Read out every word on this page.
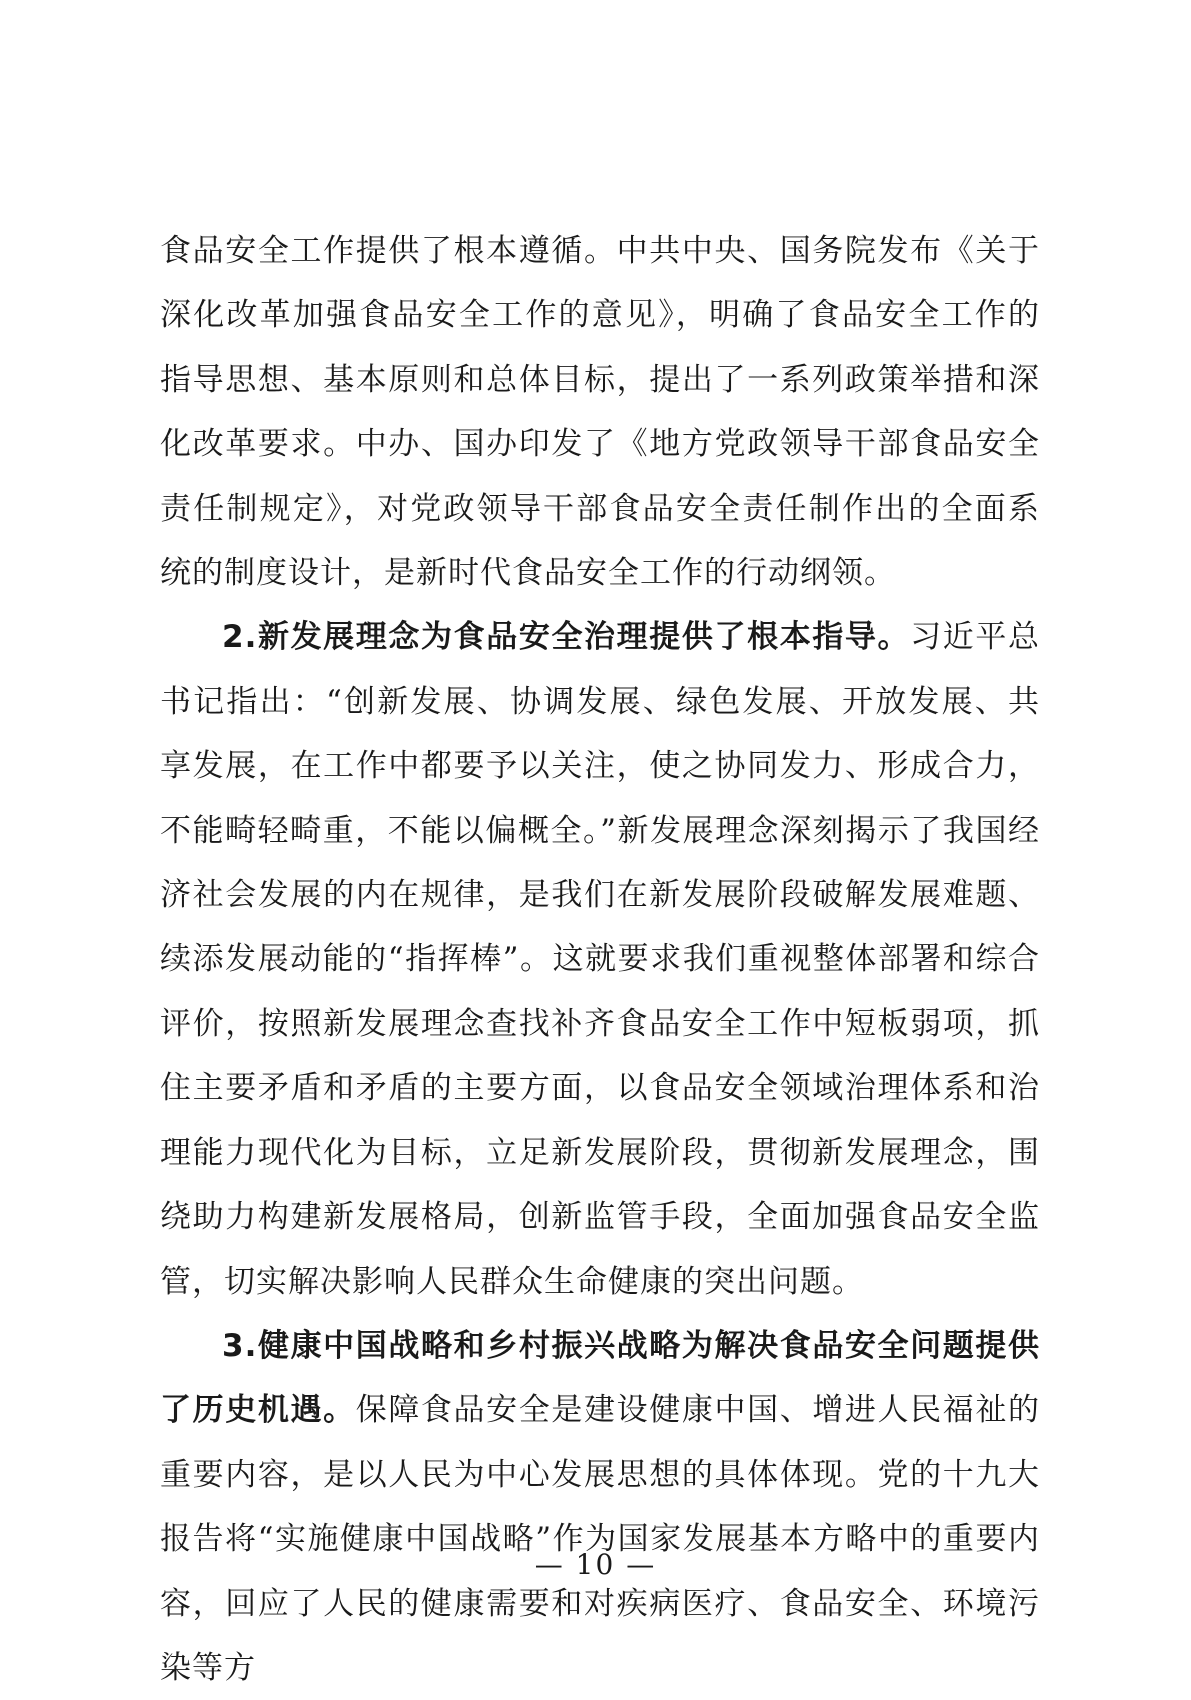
食品安全工作提供了根本遵循。中共中央、国务院发布《关于深化改革加强食品安全工作的意见》，明确了食品安全工作的指导思想、基本原则和总体目标，提出了一系列政策举措和深化改革要求。中办、国办印发了《地方党政领导干部食品安全责任制规定》，对党政领导干部食品安全责任制作出的全面系统的制度设计，是新时代食品安全工作的行动纲领。

2.新发展理念为食品安全治理提供了根本指导。习近平总书记指出：“创新发展、协调发展、绿色发展、开放发展、共享发展，在工作中都要予以关注，使之协同发力、形成合力，不能畸轻畸重，不能以偏概全。”新发展理念深刻揭示了我国经济社会发展的内在规律，是我们在新发展阶段破解发展难题、续添发展动能的“指挥棒”。这就要求我们重视整体部署和综合评价，按照新发展理念查找补齐食品安全工作中短板弱项，抓住主要矛盾和矛盾的主要方面，以食品安全领域治理体系和治理能力现代化为目标，立足新发展阶段，贯彻新发展理念，围绕助力构建新发展格局，创新监管手段，全面加强食品安全监管，切实解决影响人民群众生命健康的突出问题。

3.健康中国战略和乡村振兴战略为解决食品安全问题提供了历史机遇。保障食品安全是建设健康中国、增进人民福祉的重要内容，是以人民为中心发展思想的具体体现。党的十九大报告将“实施健康中国战略”作为国家发展基本方略中的重要内容，回应了人民的健康需要和对疾病医疗、食品安全、环境污染等方

— 10 —
